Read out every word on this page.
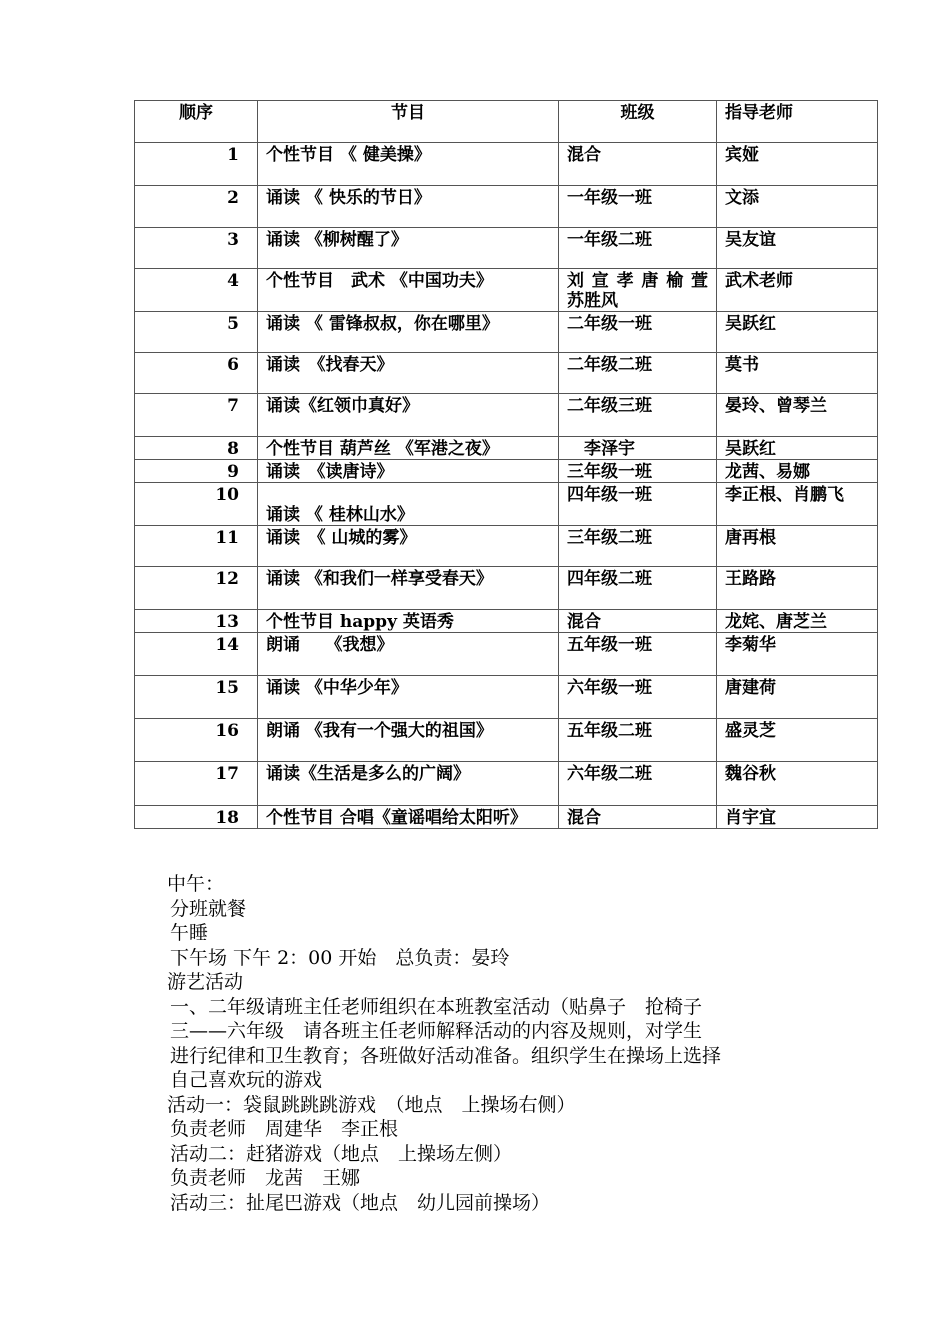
顺序	节目	班级	指导老师
1	个性节目 《 健美操》	混合	宾娅
2	诵读 《 快乐的节日》	一年级一班	文添
3	诵读 《柳树醒了》	一年级二班	吴友谊
4	个性节目　武术 《中国功夫》	刘 宣 孝 唐 榆 萱 苏胜风	武术老师
5	诵读 《 雷锋叔叔，你在哪里》	二年级一班	吴跃红
6	诵读　《找春天》	二年级二班	莫书
7	诵读《红领巾真好》	二年级三班	晏玲、曾琴兰
8	个性节目 葫芦丝 《军港之夜》	　李泽宇	吴跃红
9	诵读　《读唐诗》	三年级一班	龙茜、易娜
10	诵读 《 桂林山水》	四年级一班	李正根、肖鹏飞
11	诵读　《 山城的雾》	三年级二班	唐再根
12	诵读 《和我们一样享受春天》	四年级二班	王路路
13	个性节目 happy 英语秀	混合	龙姹、唐芝兰
14	朗诵　　《我想》	五年级一班	李菊华
15	诵读 《中华少年》	六年级一班	唐建荷
16	朗诵 《我有一个强大的祖国》	五年级二班	盛灵芝
17	诵读《生活是多么的广阔》	六年级二班	魏谷秋
18	个性节目 合唱《童谣唱给太阳听》	混合	肖宇宜
中午：
分班就餐
午睡
下午场 下午 2：00 开始　总负责：晏玲
游艺活动
一、二年级请班主任老师组织在本班教室活动（贴鼻子　抢椅子
三——六年级　请各班主任老师解释活动的内容及规则，对学生
进行纪律和卫生教育；各班做好活动准备。组织学生在操场上选择
自己喜欢玩的游戏
活动一：袋鼠跳跳跳游戏　（地点　上操场右侧）
负责老师　周建华　李正根
活动二：赶猪游戏（地点　上操场左侧）
负责老师　龙茜　王娜
活动三：扯尾巴游戏（地点　幼儿园前操场）
